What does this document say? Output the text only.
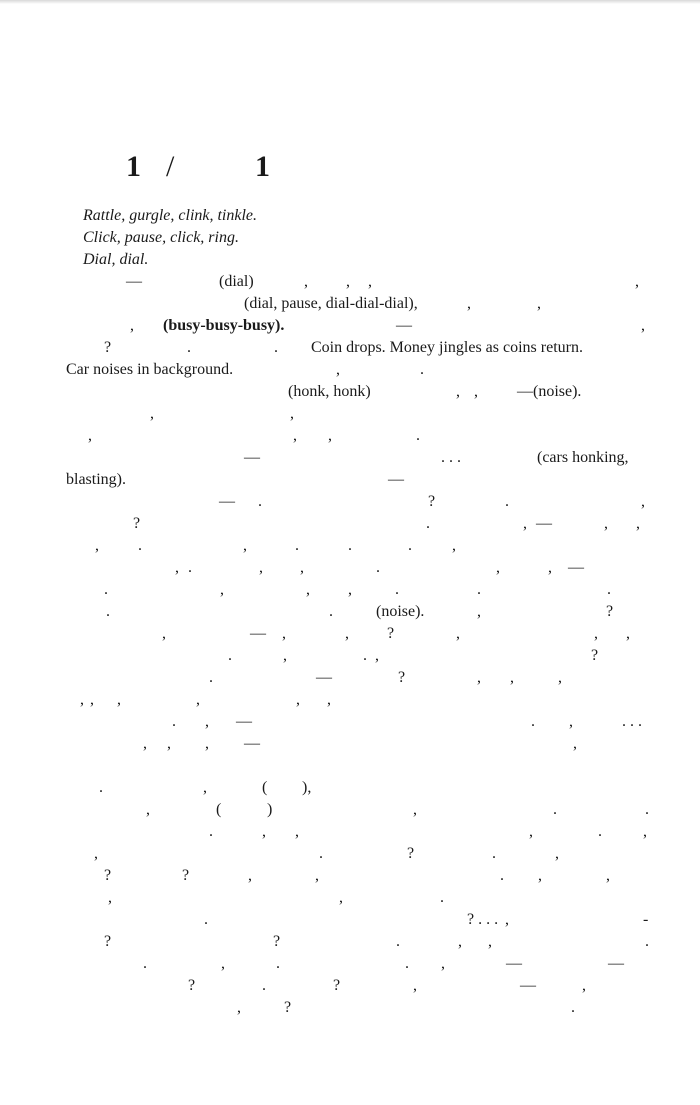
1 /	1
Rattle, gurgle, clink, tinkle.
Click, pause, click, ring.
Dial, dial.
—	(dial)	, , ,	,
,
(dial, pause, dial-dial-dial),	,
, (busy-busy-busy).	—	,
?	.	. Coin drops. Money jingles as coins return.
Car noises in background.	,	.
(honk, honk)	, , —(noise).
,	,
,	, ,	.
—	. . .	(cars honking,
blasting).	—
— .	?	.	,
?	.	, —	, ,
, .	,	.	.	.	,
, .	, ,	.	,	, —
.	,	, ,	.	.	.
.	.	(noise).	,	?
,	— ,	, ?	,	, ,
.	,	. ,	?
.	—	?	, ,	,
, , ,	,	, ,
. , —	. ,	. . .
, , , —	,
.	,	( ),
,	(	)	,	.	.
.	, ,	,	.	,
,	.	?	.	,
?	?	,	,	. ,	,
,	,	.
.	? . . . ,	-
?	?	.	, ,	.
,
.	.	. ,	—	—
?	.	?	,	—	,
,	?	.
